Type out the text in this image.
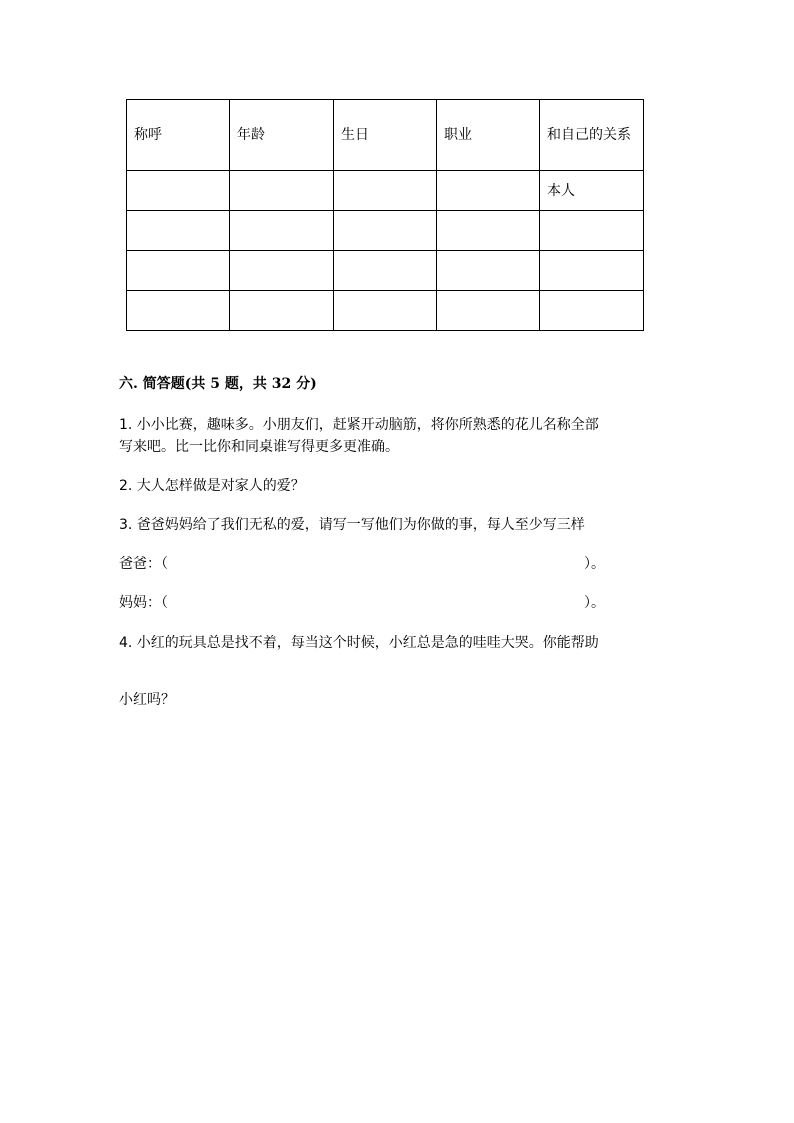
称呼	年龄	生日	职业	和自己的关系
				本人

六. 简答题(共 5 题，共 32 分)
1. 小小比赛，趣味多。小朋友们，赶紧开动脑筋，将你所熟悉的花儿名称全部
写来吧。比一比你和同桌谁写得更多更准确。
2. 大人怎样做是对家人的爱？
3. 爸爸妈妈给了我们无私的爱，请写一写他们为你做的事，每人至少写三样
爸爸：（	）。
妈妈：（	）。
4. 小红的玩具总是找不着，每当这个时候，小红总是急的哇哇大哭。你能帮助
小红吗？
